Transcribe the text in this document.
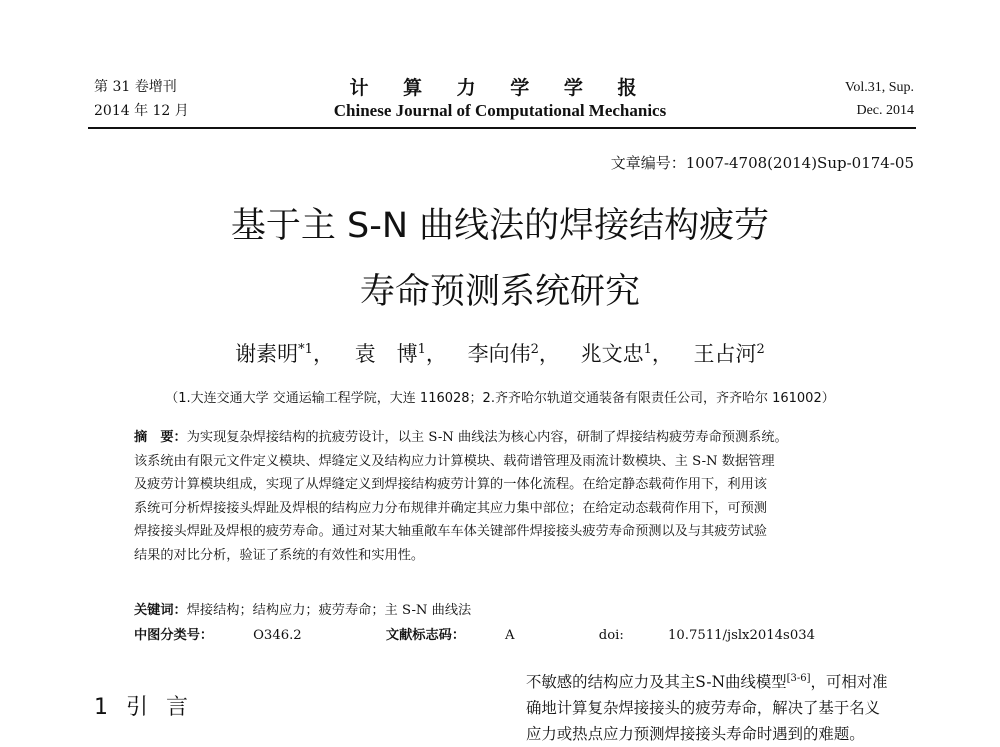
第 31 卷增刊
2014 年 12 月
计 算 力 学 学 报
Chinese Journal of Computational Mechanics
Vol.31, Sup.
Dec. 2014
文章编号：1007-4708(2014)Sup-0174-05
基于主 S-N 曲线法的焊接结构疲劳
寿命预测系统研究
谢素明$^{*1}$， 袁　博$^1$， 李向伟$^2$， 兆文忠$^1$， 王占河$^2$
（1.大连交通大学 交通运输工程学院，大连 116028；2.齐齐哈尔轨道交通装备有限责任公司，齐齐哈尔 161002）
摘　要：为实现复杂焊接结构的抗疲劳设计，以主 S-N 曲线法为核心内容，研制了焊接结构疲劳寿命预测系统。
该系统由有限元文件定义模块、焊缝定义及结构应力计算模块、载荷谱管理及雨流计数模块、主 S-N 数据管理
及疲劳计算模块组成，实现了从焊缝定义到焊接结构疲劳计算的一体化流程。在给定静态载荷作用下，利用该
系统可分析焊接接头焊趾及焊根的结构应力分布规律并确定其应力集中部位；在给定动态载荷作用下，可预测
焊接接头焊趾及焊根的疲劳寿命。通过对某大轴重敞车车体关键部件焊接接头疲劳寿命预测以及与其疲劳试验
结果的对比分析，验证了系统的有效性和实用性。
关键词：焊接结构；结构应力；疲劳寿命；主 S-N 曲线法
中图分类号：	O346.2	文献标志码：	A	doi:	10.7511/jslx2014s034
1 引言
不敏感的结构应力及其主S-N曲线模型[3-6]，可相对准
确地计算复杂焊接接头的疲劳寿命，解决了基于名义
应力或热点应力预测焊接接头寿命时遇到的难题。
